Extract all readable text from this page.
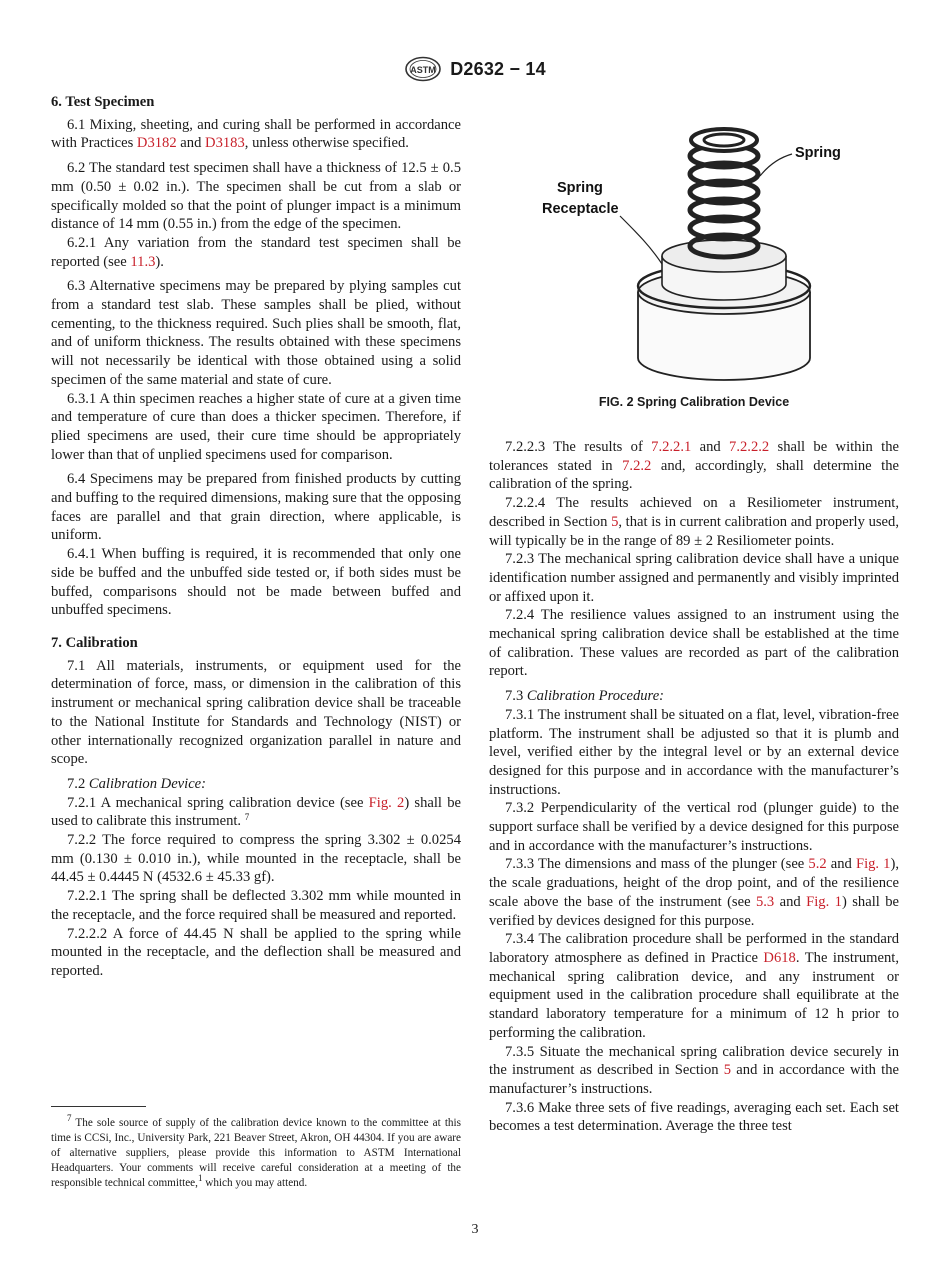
ASTM D2632 − 14
6. Test Specimen

6.1 Mixing, sheeting, and curing shall be performed in accordance with Practices D3182 and D3183, unless otherwise specified.

6.2 The standard test specimen shall have a thickness of 12.5 ± 0.5 mm (0.50 ± 0.02 in.). The specimen shall be cut from a slab or specifically molded so that the point of plunger impact is a minimum distance of 14 mm (0.55 in.) from the edge of the specimen.

6.2.1 Any variation from the standard test specimen shall be reported (see 11.3).

6.3 Alternative specimens may be prepared by plying samples cut from a standard test slab. These samples shall be plied, without cementing, to the thickness required. Such plies shall be smooth, flat, and of uniform thickness. The results obtained with these specimens will not necessarily be identical with those obtained using a solid specimen of the same material and state of cure.

6.3.1 A thin specimen reaches a higher state of cure at a given time and temperature of cure than does a thicker specimen. Therefore, if plied specimens are used, their cure time should be appropriately lower than that of unplied specimens used for comparison.

6.4 Specimens may be prepared from finished products by cutting and buffing to the required dimensions, making sure that the opposing faces are parallel and that grain direction, where applicable, is uniform.

6.4.1 When buffing is required, it is recommended that only one side be buffed and the unbuffed side tested or, if both sides must be buffed, comparisons should not be made between buffed and unbuffed specimens.

7. Calibration

7.1 All materials, instruments, or equipment used for the determination of force, mass, or dimension in the calibration of this instrument or mechanical spring calibration device shall be traceable to the National Institute for Standards and Technology (NIST) or other internationally recognized organization parallel in nature and scope.

7.2 Calibration Device:

7.2.1 A mechanical spring calibration device (see Fig. 2) shall be used to calibrate this instrument. $^7$

7.2.2 The force required to compress the spring 3.302 ± 0.0254 mm (0.130 ± 0.010 in.), while mounted in the receptacle, shall be 44.45 ± 0.4445 N (4532.6 ± 45.33 gf).

7.2.2.1 The spring shall be deflected 3.302 mm while mounted in the receptacle, and the force required shall be measured and reported.

7.2.2.2 A force of 44.45 N shall be applied to the spring while mounted in the receptacle, and the deflection shall be measured and reported.

Spring
Spring
Receptacle
FIG. 2 Spring Calibration Device

7.2.2.3 The results of 7.2.2.1 and 7.2.2.2 shall be within the tolerances stated in 7.2.2 and, accordingly, shall determine the calibration of the spring.

7.2.2.4 The results achieved on a Resiliometer instrument, described in Section 5, that is in current calibration and properly used, will typically be in the range of 89 ± 2 Resiliometer points.

7.2.3 The mechanical spring calibration device shall have a unique identification number assigned and permanently and visibly imprinted or affixed upon it.

7.2.4 The resilience values assigned to an instrument using the mechanical spring calibration device shall be established at the time of calibration. These values are recorded as part of the calibration report.

7.3 Calibration Procedure:

7.3.1 The instrument shall be situated on a flat, level, vibration-free platform. The instrument shall be adjusted so that it is plumb and level, verified either by the integral level or by an external device designed for this purpose and in accordance with the manufacturer’s instructions.

7.3.2 Perpendicularity of the vertical rod (plunger guide) to the support surface shall be verified by a device designed for this purpose and in accordance with the manufacturer’s instructions.

7.3.3 The dimensions and mass of the plunger (see 5.2 and Fig. 1), the scale graduations, height of the drop point, and of the resilience scale above the base of the instrument (see 5.3 and Fig. 1) shall be verified by devices designed for this purpose.

7.3.4 The calibration procedure shall be performed in the standard laboratory atmosphere as defined in Practice D618. The instrument, mechanical spring calibration device, and any instrument or equipment used in the calibration procedure shall equilibrate at the standard laboratory temperature for a minimum of 12 h prior to performing the calibration.

7.3.5 Situate the mechanical spring calibration device securely in the instrument as described in Section 5 and in accordance with the manufacturer’s instructions.

7.3.6 Make three sets of five readings, averaging each set. Each set becomes a test determination. Average the three test

$^7$ The sole source of supply of the calibration device known to the committee at this time is CCSi, Inc., University Park, 221 Beaver Street, Akron, OH 44304. If you are aware of alternative suppliers, please provide this information to ASTM International Headquarters. Your comments will receive careful consideration at a meeting of the responsible technical committee,$^1$ which you may attend.
3
